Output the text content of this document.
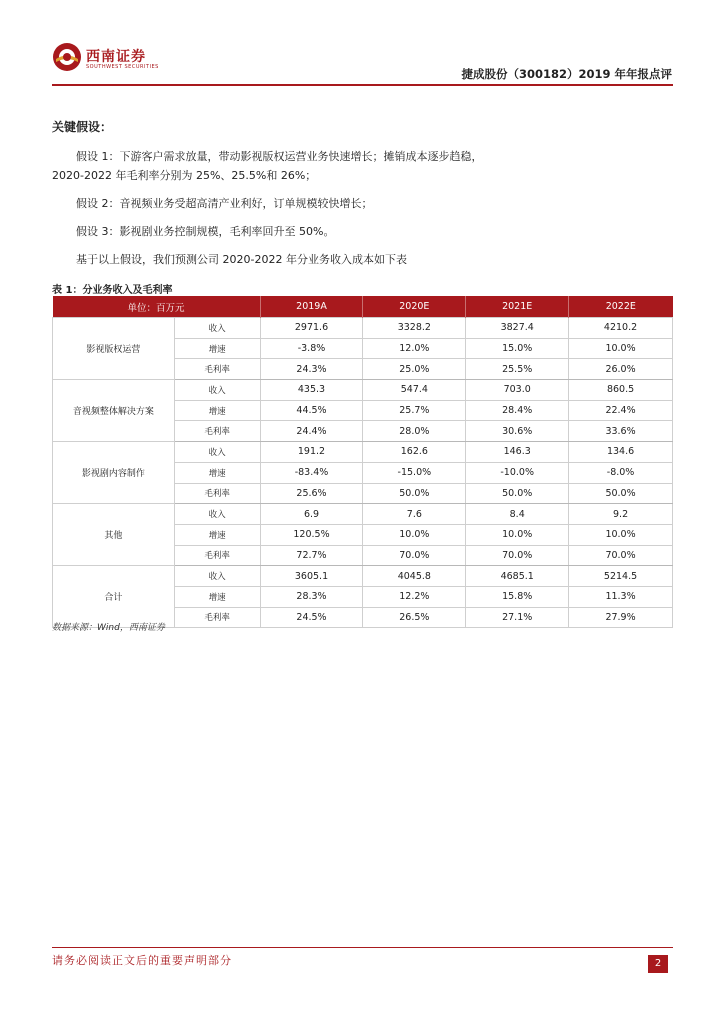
西南证券
SOUTHWEST SECURITIES	捷成股份（300182）2019 年年报点评
关键假设：

假设 1：下游客户需求放量，带动影视版权运营业务快速增长；摊销成本逐步趋稳，
2020-2022 年毛利率分别为 25%、25.5%和 26%；

假设 2：音视频业务受超高清产业利好，订单规模较快增长；

假设 3：影视剧业务控制规模，毛利率回升至 50%。

基于以上假设，我们预测公司 2020-2022 年分业务收入成本如下表

表 1：分业务收入及毛利率
单位：百万元		2019A	2020E	2021E	2022E
影视版权运营	收入	2971.6	3328.2	3827.4	4210.2
	增速	-3.8%	12.0%	15.0%	10.0%
	毛利率	24.3%	25.0%	25.5%	26.0%
音视频整体解决方案	收入	435.3	547.4	703.0	860.5
	增速	44.5%	25.7%	28.4%	22.4%
	毛利率	24.4%	28.0%	30.6%	33.6%
影视剧内容制作	收入	191.2	162.6	146.3	134.6
	增速	-83.4%	-15.0%	-10.0%	-8.0%
	毛利率	25.6%	50.0%	50.0%	50.0%
其他	收入	6.9	7.6	8.4	9.2
	增速	120.5%	10.0%	10.0%	10.0%
	毛利率	72.7%	70.0%	70.0%	70.0%
合计	收入	3605.1	4045.8	4685.1	5214.5
	增速	28.3%	12.2%	15.8%	11.3%
	毛利率	24.5%	26.5%	27.1%	27.9%
数据来源：Wind，西南证券
请务必阅读正文后的重要声明部分	2
